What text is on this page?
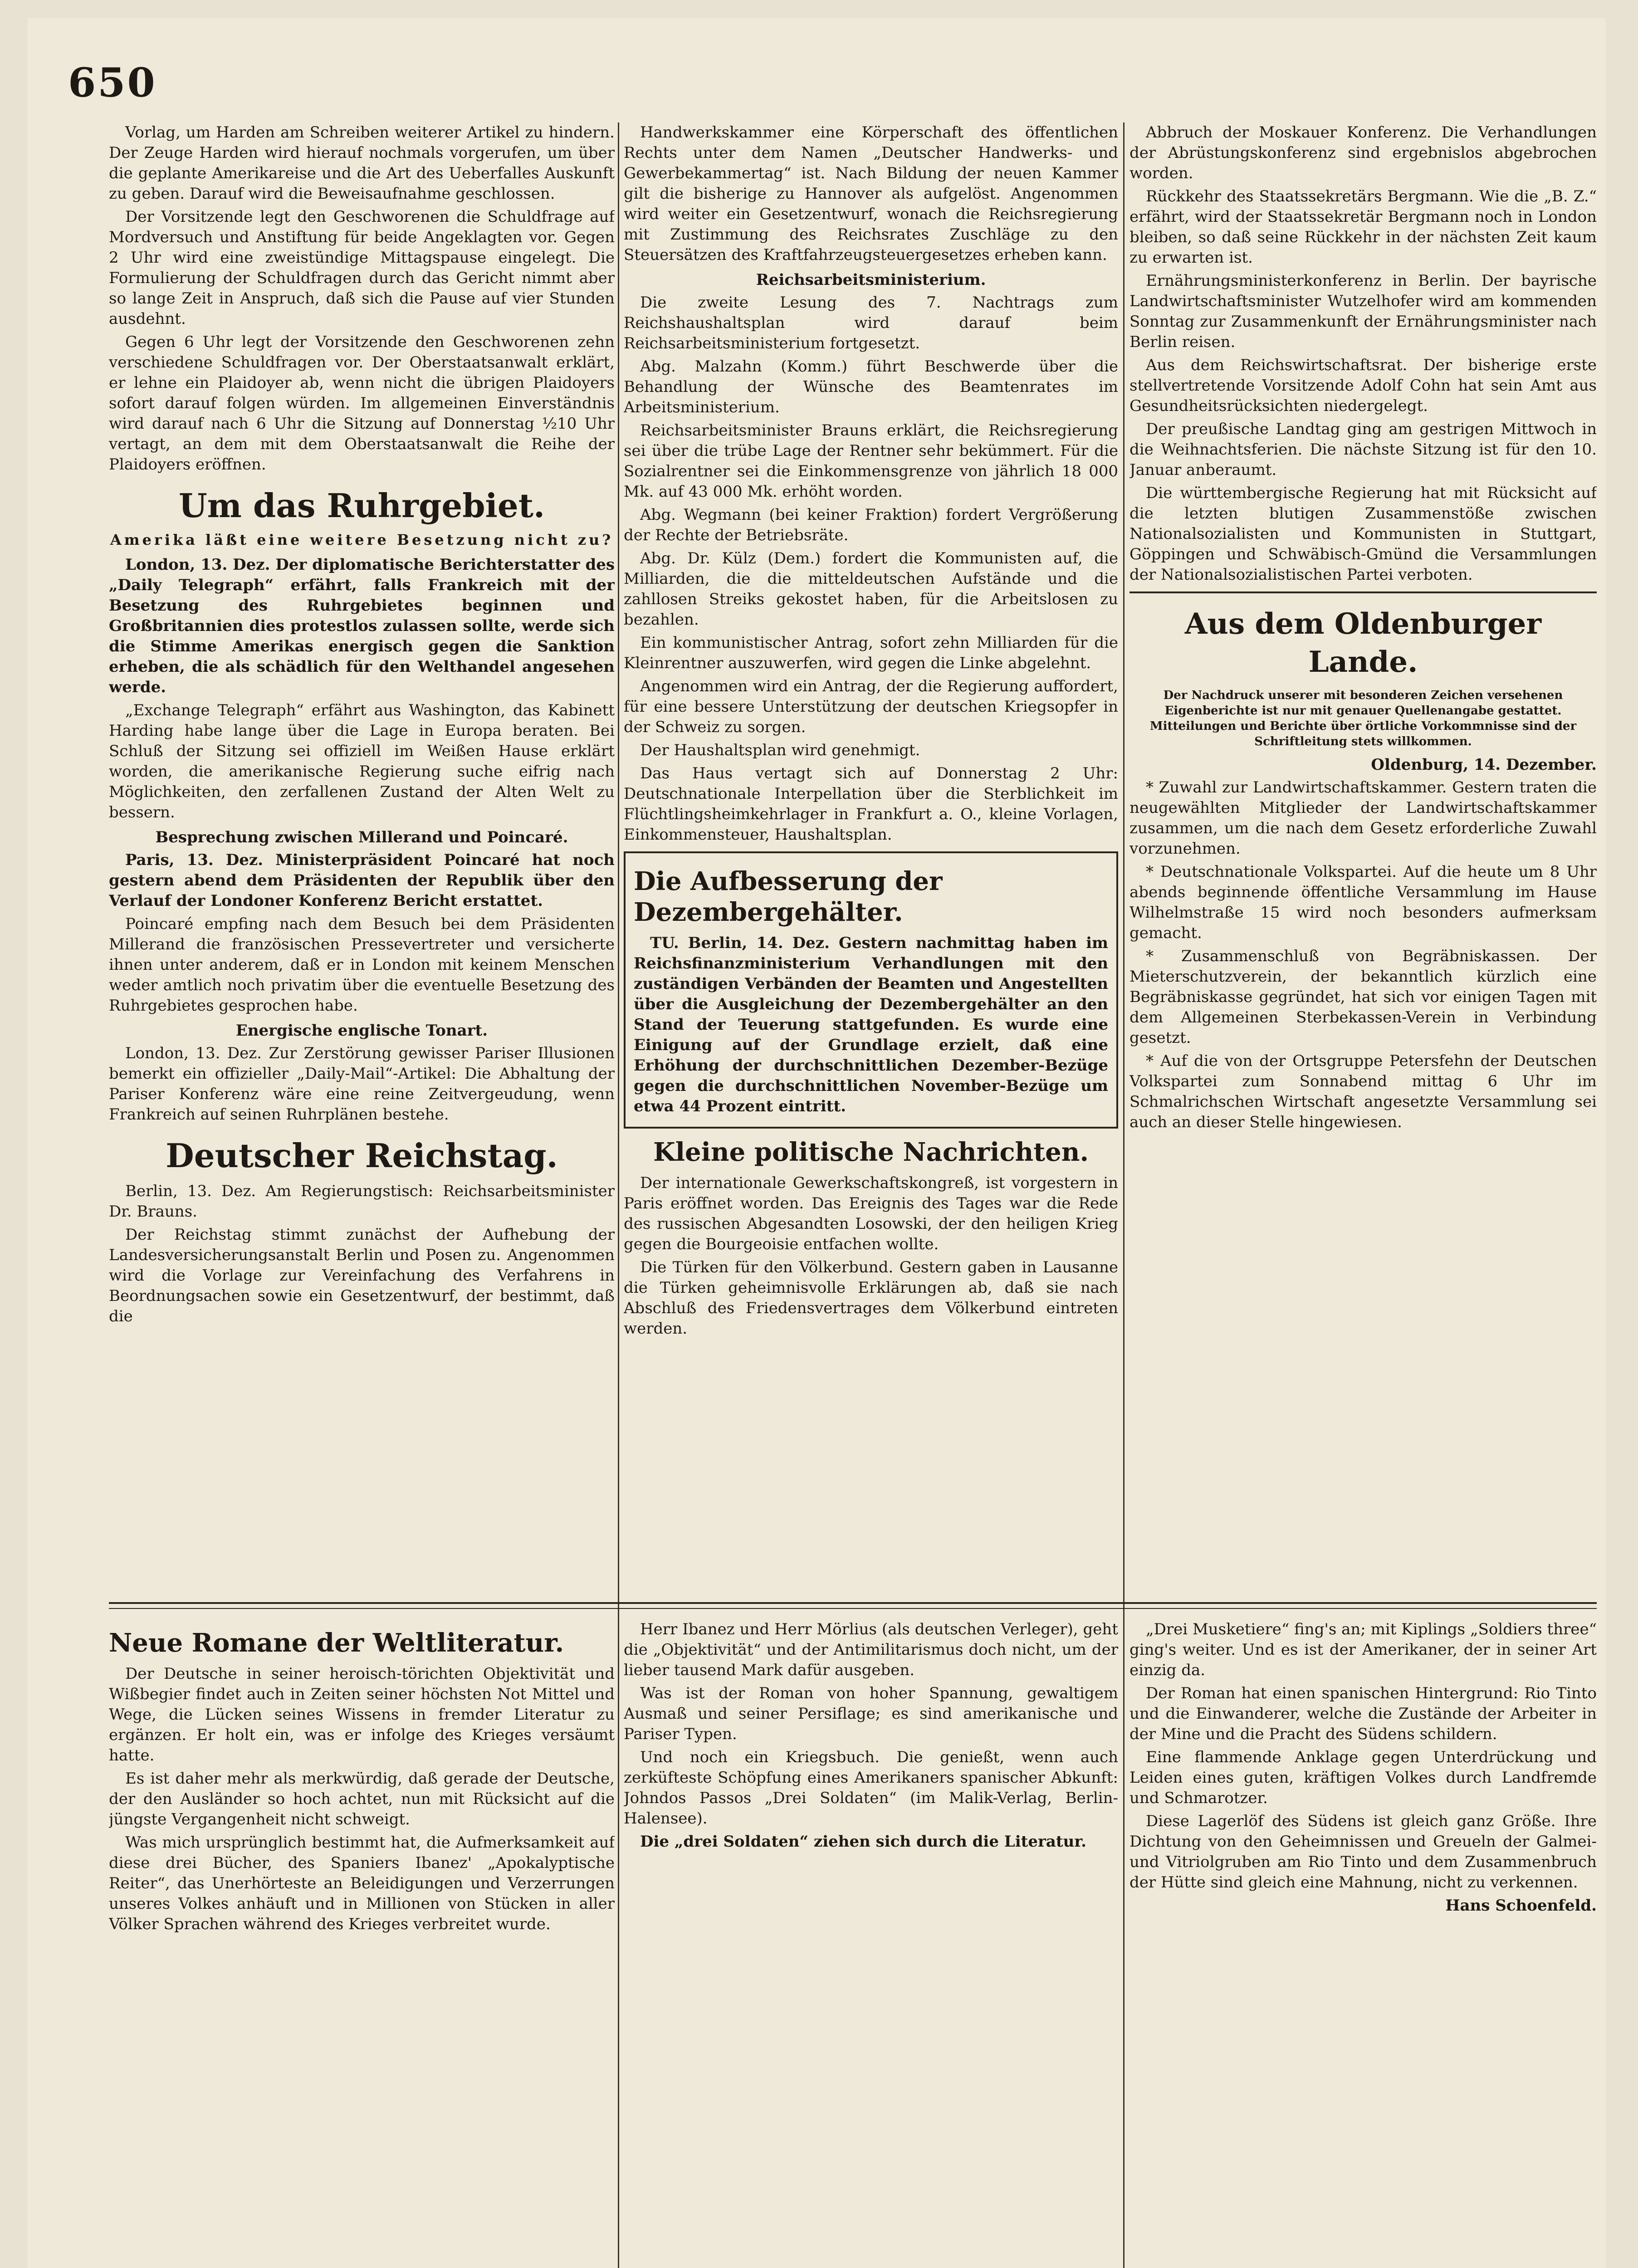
650

Vorlag, um Harden am Schreiben weiterer Artikel zu hindern. Der Zeuge Harden wird hierauf nochmals vorgerufen, um über die geplante Amerikareise und die Art des Ueberfalles Auskunft zu geben. Darauf wird die Beweisaufnahme geschlossen.

Der Vorsitzende legt den Geschworenen die Schuldfrage auf Mordversuch und Anstiftung für beide Angeklagten vor. Gegen 2 Uhr wird eine zweistündige Mittagspause eingelegt. Die Formulierung der Schuldfragen durch das Gericht nimmt aber so lange Zeit in Anspruch, daß sich die Pause auf vier Stunden ausdehnt.

Gegen 6 Uhr legt der Vorsitzende den Geschworenen zehn verschiedene Schuldfragen vor. Der Oberstaatsanwalt erklärt, er lehne ein Plaidoyer ab, wenn nicht die übrigen Plaidoyers sofort darauf folgen würden. Im allgemeinen Einverständnis wird darauf nach 6 Uhr die Sitzung auf Donnerstag ½10 Uhr vertagt, an dem mit dem Oberstaatsanwalt die Reihe der Plaidoyers eröffnen.

Um das Ruhrgebiet.
Amerika läßt eine weitere Besetzung nicht zu?

London, 13. Dez. Der diplomatische Berichterstatter des „Daily Telegraph“ erfährt, falls Frankreich mit der Besetzung des Ruhrgebietes beginnen und Großbritannien dies protestlos zulassen sollte, werde sich die Stimme Amerikas energisch gegen die Sanktion erheben, die als schädlich für den Welthandel angesehen werde.

„Exchange Telegraph“ erfährt aus Washington, das Kabinett Harding habe lange über die Lage in Europa beraten. Bei Schluß der Sitzung sei offiziell im Weißen Hause erklärt worden, die amerikanische Regierung suche eifrig nach Möglichkeiten, den zerfallenen Zustand der Alten Welt zu bessern.

Besprechung zwischen Millerand und Poincaré.

Paris, 13. Dez. Ministerpräsident Poincaré hat noch gestern abend dem Präsidenten der Republik über den Verlauf der Londoner Konferenz Bericht erstattet.

Poincaré empfing nach dem Besuch bei dem Präsidenten Millerand die französischen Pressevertreter und versicherte ihnen unter anderem, daß er in London mit keinem Menschen weder amtlich noch privatim über die eventuelle Besetzung des Ruhrgebietes gesprochen habe.

Energische englische Tonart.

London, 13. Dez. Zur Zerstörung gewisser Pariser Illusionen bemerkt ein offizieller „Daily-Mail“-Artikel: Die Abhaltung der Pariser Konferenz wäre eine reine Zeitvergeudung, wenn Frankreich auf seinen Ruhrplänen bestehe.

Deutscher Reichstag.

Berlin, 13. Dez. Am Regierungstisch: Reichsarbeitsminister Dr. Brauns.

Der Reichstag stimmt zunächst der Aufhebung der Landesversicherungsanstalt Berlin und Posen zu. Angenommen wird die Vorlage zur Vereinfachung des Verfahrens in Beordnungsachen sowie ein Gesetzentwurf, der bestimmt, daß die

Handwerkskammer eine Körperschaft des öffentlichen Rechts unter dem Namen „Deutscher Handwerks- und Gewerbekammertag“ ist. Nach Bildung der neuen Kammer gilt die bisherige zu Hannover als aufgelöst. Angenommen wird weiter ein Gesetzentwurf, wonach die Reichsregierung mit Zustimmung des Reichsrates Zuschläge zu den Steuersätzen des Kraftfahrzeugsteuergesetzes erheben kann.

Reichsarbeitsministerium.

Die zweite Lesung des 7. Nachtrags zum Reichshaushaltsplan wird darauf beim Reichsarbeitsministerium fortgesetzt.

Abg. Malzahn (Komm.) führt Beschwerde über die Behandlung der Wünsche des Beamtenrates im Arbeitsministerium.

Reichsarbeitsminister Brauns erklärt, die Reichsregierung sei über die trübe Lage der Rentner sehr bekümmert. Für die Sozialrentner sei die Einkommensgrenze von jährlich 18 000 Mk. auf 43 000 Mk. erhöht worden.

Abg. Wegmann (bei keiner Fraktion) fordert Vergrößerung der Rechte der Betriebsräte.

Abg. Dr. Külz (Dem.) fordert die Kommunisten auf, die Milliarden, die die mitteldeutschen Aufstände und die zahllosen Streiks gekostet haben, für die Arbeitslosen zu bezahlen.

Ein kommunistischer Antrag, sofort zehn Milliarden für die Kleinrentner auszuwerfen, wird gegen die Linke abgelehnt.

Angenommen wird ein Antrag, der die Regierung auffordert, für eine bessere Unterstützung der deutschen Kriegsopfer in der Schweiz zu sorgen.

Der Haushaltsplan wird genehmigt.

Das Haus vertagt sich auf Donnerstag 2 Uhr: Deutschnationale Interpellation über die Sterblichkeit im Flüchtlingsheimkehrlager in Frankfurt a. O., kleine Vorlagen, Einkommensteuer, Haushaltsplan.

Die Aufbesserung der Dezembergehälter.

TU. Berlin, 14. Dez. Gestern nachmittag haben im Reichsfinanzministerium Verhandlungen mit den zuständigen Verbänden der Beamten und Angestellten über die Ausgleichung der Dezembergehälter an den Stand der Teuerung stattgefunden. Es wurde eine Einigung auf der Grundlage erzielt, daß eine Erhöhung der durchschnittlichen Dezember-Bezüge gegen die durchschnittlichen November-Bezüge um etwa 44 Prozent eintritt.

Kleine politische Nachrichten.

Der internationale Gewerkschaftskongreß, ist vorgestern in Paris eröffnet worden. Das Ereignis des Tages war die Rede des russischen Abgesandten Losowski, der den heiligen Krieg gegen die Bourgeoisie entfachen wollte.

Die Türken für den Völkerbund. Gestern gaben in Lausanne die Türken geheimnisvolle Erklärungen ab, daß sie nach Abschluß des Friedensvertrages dem Völkerbund eintreten werden.

Abbruch der Moskauer Konferenz. Die Verhandlungen der Abrüstungskonferenz sind ergebnislos abgebrochen worden.

Rückkehr des Staatssekretärs Bergmann. Wie die „B. Z.“ erfährt, wird der Staatssekretär Bergmann noch in London bleiben, so daß seine Rückkehr in der nächsten Zeit kaum zu erwarten ist.

Ernährungsministerkonferenz in Berlin. Der bayrische Landwirtschaftsminister Wutzelhofer wird am kommenden Sonntag zur Zusammenkunft der Ernährungsminister nach Berlin reisen.

Aus dem Reichswirtschaftsrat. Der bisherige erste stellvertretende Vorsitzende Adolf Cohn hat sein Amt aus Gesundheitsrücksichten niedergelegt.

Der preußische Landtag ging am gestrigen Mittwoch in die Weihnachtsferien. Die nächste Sitzung ist für den 10. Januar anberaumt.

Die württembergische Regierung hat mit Rücksicht auf die letzten blutigen Zusammenstöße zwischen Nationalsozialisten und Kommunisten in Stuttgart, Göppingen und Schwäbisch-Gmünd die Versammlungen der Nationalsozialistischen Partei verboten.

Aus dem Oldenburger Lande.
Der Nachdruck unserer mit besonderen Zeichen versehenen Eigenberichte ist nur mit genauer Quellenangabe gestattet. Mitteilungen und Berichte über örtliche Vorkommnisse sind der Schriftleitung stets willkommen.
Oldenburg, 14. Dezember.

* Zuwahl zur Landwirtschaftskammer. Gestern traten die neugewählten Mitglieder der Landwirtschaftskammer zusammen, um die nach dem Gesetz erforderliche Zuwahl vorzunehmen.

* Deutschnationale Volkspartei. Auf die heute um 8 Uhr abends beginnende öffentliche Versammlung im Hause Wilhelmstraße 15 wird noch besonders aufmerksam gemacht.

* Zusammenschluß von Begräbniskassen. Der Mieterschutzverein, der bekanntlich kürzlich eine Begräbniskasse gegründet, hat sich vor einigen Tagen mit dem Allgemeinen Sterbekassen-Verein in Verbindung gesetzt.

* Auf die von der Ortsgruppe Petersfehn der Deutschen Volkspartei zum Sonnabend mittag 6 Uhr im Schmalrichschen Wirtschaft angesetzte Versammlung sei auch an dieser Stelle hingewiesen.

Neue Romane der Weltliteratur.

Der Deutsche in seiner heroisch-törichten Objektivität und Wißbegier findet auch in Zeiten seiner höchsten Not Mittel und Wege, die Lücken seines Wissens in fremder Literatur zu ergänzen. Er holt ein, was er infolge des Krieges versäumt hatte.

Es ist daher mehr als merkwürdig, daß gerade der Deutsche, der den Ausländer so hoch achtet, nun mit Rücksicht auf die jüngste Vergangenheit nicht schweigt.

Was mich ursprünglich bestimmt hat, die Aufmerksamkeit auf diese drei Bücher, des Spaniers Ibanez' „Apokalyptische Reiter“, das Unerhörteste an Beleidigungen und Verzerrungen unseres Volkes anhäuft und in Millionen von Stücken in aller Völker Sprachen während des Krieges verbreitet wurde.

Herr Ibanez und Herr Mörlius (als deutschen Verleger), geht die „Objektivität“ und der Antimilitarismus doch nicht, um der lieber tausend Mark dafür ausgeben.

Was ist der Roman von hoher Spannung, gewaltigem Ausmaß und seiner Persiflage; es sind amerikanische und Pariser Typen.

Und noch ein Kriegsbuch. Die genießt, wenn auch zerküfteste Schöpfung eines Amerikaners spanischer Abkunft: Johndos Passos „Drei Soldaten“ (im Malik-Verlag, Berlin-Halensee).

Die „drei Soldaten“ ziehen sich durch die Literatur.

„Drei Musketiere“ fing's an; mit Kiplings „Soldiers three“ ging's weiter. Und es ist der Amerikaner, der in seiner Art einzig da.

Der Roman hat einen spanischen Hintergrund: Rio Tinto und die Einwanderer, welche die Zustände der Arbeiter in der Mine und die Pracht des Südens schildern.

Eine flammende Anklage gegen Unterdrückung und Leiden eines guten, kräftigen Volkes durch Landfremde und Schmarotzer.

Diese Lagerlöf des Südens ist gleich ganz Größe. Ihre Dichtung von den Geheimnissen und Greueln der Galmei- und Vitriolgruben am Rio Tinto und dem Zusammenbruch der Hütte sind gleich eine Mahnung, nicht zu verkennen.

Hans Schoenfeld.
